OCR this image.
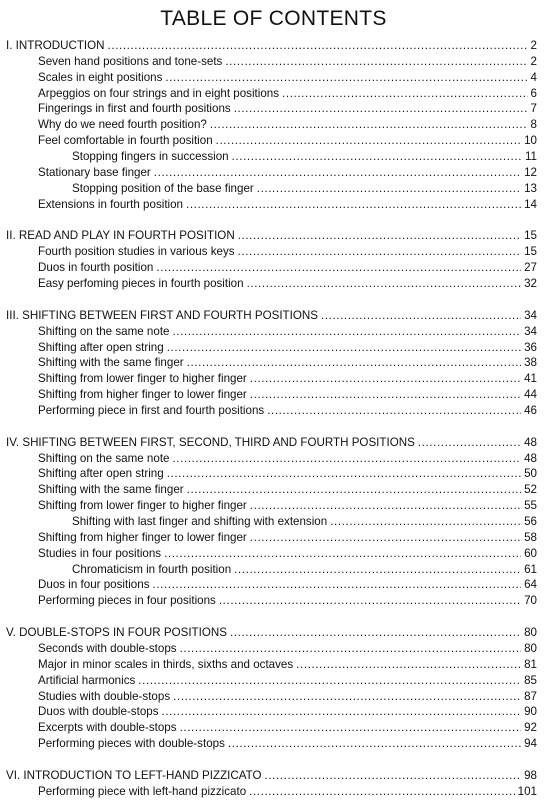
TABLE OF CONTENTS
I. INTRODUCTION .....	2
Seven hand positions and tone-sets .....	2
Scales in eight positions .....	4
Arpeggios on four strings and in eight positions .....	6
Fingerings in first and fourth positions .....	7
Why do we need fourth position? .....	8
Feel comfortable in fourth position .....	10
Stopping fingers in succession .....	11
Stationary base finger .....	12
Stopping position of the base finger .....	13
Extensions in fourth position .....	14
II. READ AND PLAY IN FOURTH POSITION .....	15
Fourth position studies in various keys .....	15
Duos in fourth position .....	27
Easy perfoming pieces in fourth position .....	32
III. SHIFTING BETWEEN FIRST AND FOURTH POSITIONS .....	34
Shifting on the same note .....	34
Shifting after open string .....	36
Shifting with the same finger .....	38
Shifting from lower finger to higher finger .....	41
Shifting from higher finger to lower finger .....	44
Performing piece in first and fourth positions .....	46
IV. SHIFTING BETWEEN FIRST, SECOND, THIRD AND FOURTH POSITIONS .....	48
Shifting on the same note .....	48
Shifting after open string .....	50
Shifting with the same finger .....	52
Shifting from lower finger to higher finger .....	55
Shifting with last finger and shifting with extension .....	56
Shifting from higher finger to lower finger .....	58
Studies in four positions .....	60
Chromaticism in fourth position .....	61
Duos in four positions .....	64
Performing pieces in four positions .....	70
V. DOUBLE-STOPS IN FOUR POSITIONS .....	80
Seconds with double-stops .....	80
Major in minor scales in thirds, sixths and octaves .....	81
Artificial harmonics .....	85
Studies with double-stops .....	87
Duos with double-stops .....	90
Excerpts with double-stops .....	92
Performing pieces with double-stops .....	94
VI. INTRODUCTION TO LEFT-HAND PIZZICATO .....	98
Performing piece with left-hand pizzicato .....	101
